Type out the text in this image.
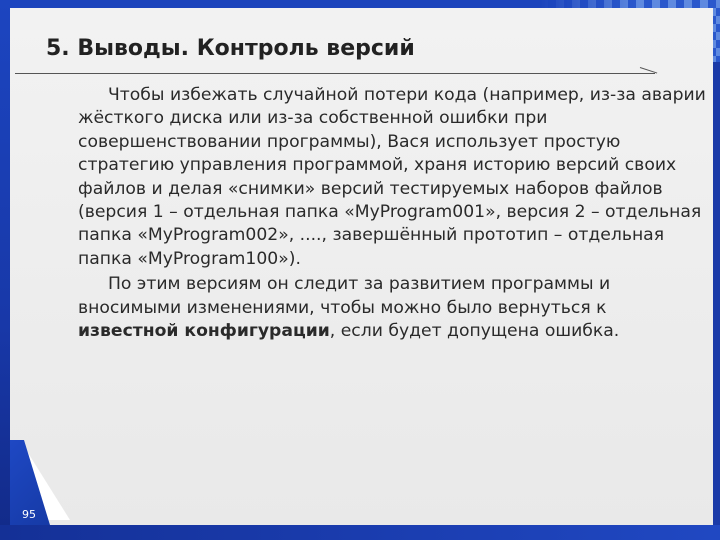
5. Выводы. Контроль версий

Чтобы избежать случайной потери кода (например, из-за аварии жёсткого диска или из-за собственной ошибки при совершенствовании программы), Вася использует простую стратегию управления программой, храня историю версий своих файлов и делая «снимки» версий тестируемых наборов файлов (версия 1 – отдельная папка «MyProgram001», версия 2 – отдельная папка «MyProgram002», ...., завершённый прототип – отдельная папка «MyProgram100»).

По этим версиям он следит за развитием программы и вносимыми изменениями, чтобы можно было вернуться к известной конфигурации, если будет допущена ошибка.

95
